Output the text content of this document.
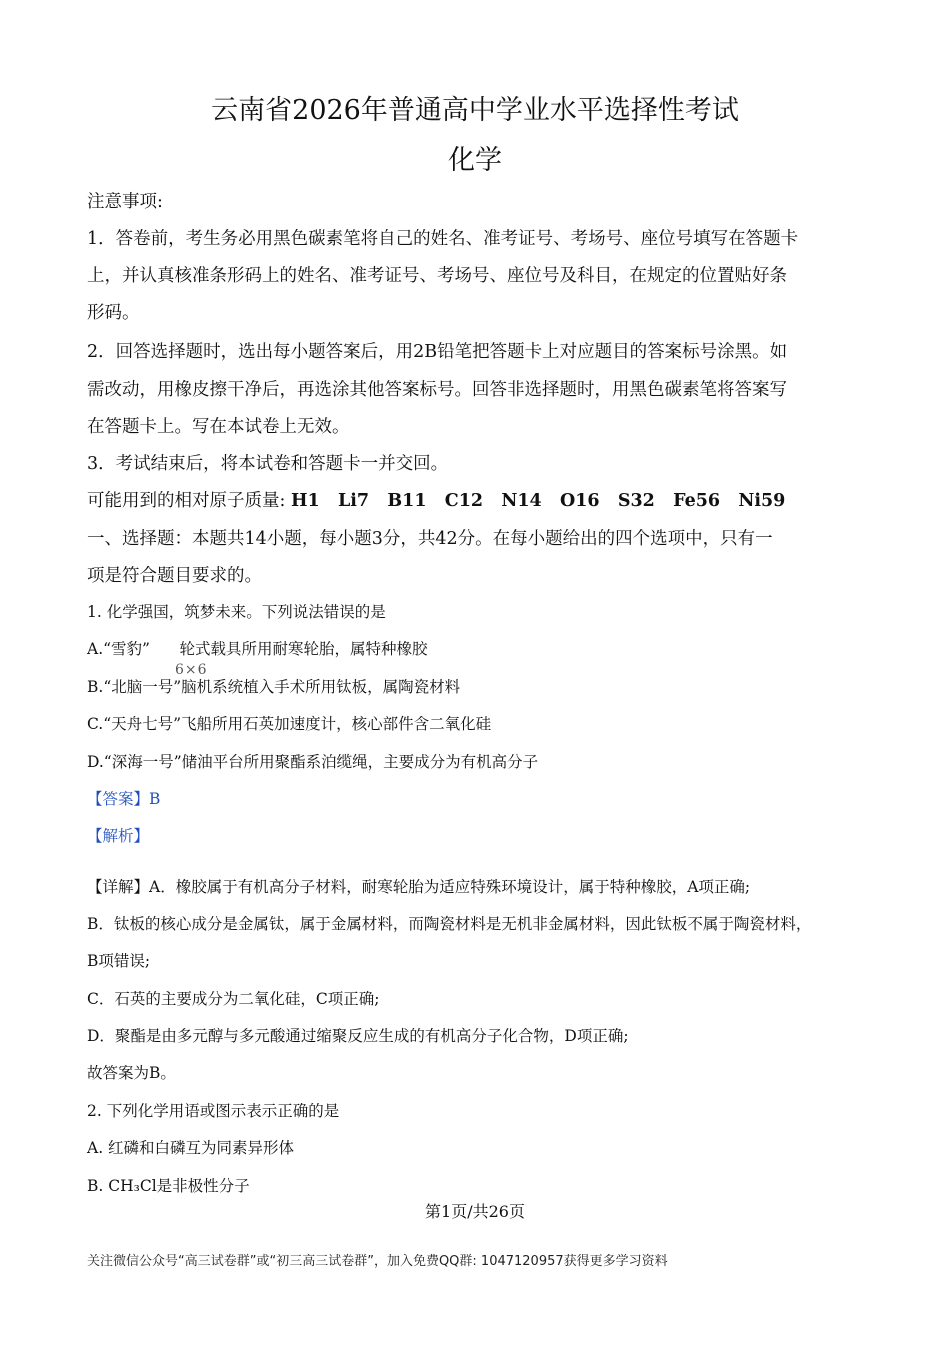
云南省2026年普通高中学业水平选择性考试
化学
注意事项:
1．答卷前，考生务必用黑色碳素笔将自己的姓名、准考证号、考场号、座位号填写在答题卡
上，并认真核准条形码上的姓名、准考证号、考场号、座位号及科目，在规定的位置贴好条
形码。
2．回答选择题时，选出每小题答案后，用2B铅笔把答题卡上对应题目的答案标号涂黑。如
需改动，用橡皮擦干净后，再选涂其他答案标号。回答非选择题时，用黑色碳素笔将答案写
在答题卡上。写在本试卷上无效。
3．考试结束后，将本试卷和答题卡一并交回。
可能用到的相对原子质量: H1   Li7   B11   C12   N14   O16   S32   Fe56   Ni59
一、选择题：本题共14小题，每小题3分，共42分。在每小题给出的四个选项中，只有一
项是符合题目要求的。
1. 化学强国，筑梦未来。下列说法错误的是
A.“雪豹”      轮式载具所用耐寒轮胎，属特种橡胶
B.“北脑一号”脑机系统植入手术所用钛板，属陶瓷材料
6×6
C.“天舟七号”飞船所用石英加速度计，核心部件含二氧化硅
D.“深海一号”储油平台所用聚酯系泊缆绳，主要成分为有机高分子
【答案】B
【解析】
【详解】A．橡胶属于有机高分子材料，耐寒轮胎为适应特殊环境设计，属于特种橡胶，A项正确;
B．钛板的核心成分是金属钛，属于金属材料，而陶瓷材料是无机非金属材料，因此钛板不属于陶瓷材料，
B项错误;
C．石英的主要成分为二氧化硅，C项正确;
D．聚酯是由多元醇与多元酸通过缩聚反应生成的有机高分子化合物，D项正确;
故答案为B。
2. 下列化学用语或图示表示正确的是
A. 红磷和白磷互为同素异形体
B. CH₃Cl是非极性分子
第1页/共26页
关注微信公众号“高三试卷群”或“初三高三试卷群”，加入免费QQ群: 1047120957获得更多学习资料
